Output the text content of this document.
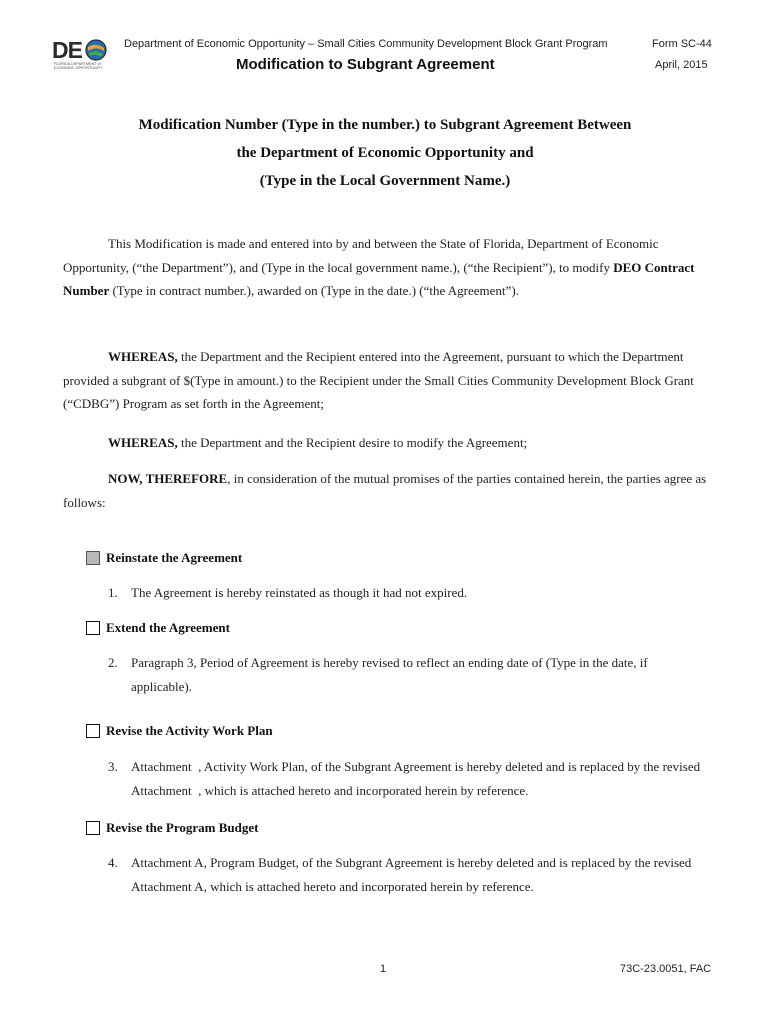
DE
FLORIDA DEPARTMENT of ECONOMIC OPPORTUNITY
Department of Economic Opportunity – Small Cities Community Development Block Grant Program	Form SC-44
Modification to Subgrant Agreement	April, 2015
Modification Number (Type in the number.) to Subgrant Agreement Between
the Department of Economic Opportunity and
(Type in the Local Government Name.)
This Modification is made and entered into by and between the State of Florida, Department of Economic Opportunity, (“the Department”), and (Type in the local government name.), (“the Recipient”), to modify DEO Contract Number (Type in contract number.), awarded on (Type in the date.) (“the Agreement”).
WHEREAS, the Department and the Recipient entered into the Agreement, pursuant to which the Department provided a subgrant of $(Type in amount.) to the Recipient under the Small Cities Community Development Block Grant (“CDBG”) Program as set forth in the Agreement;
WHEREAS, the Department and the Recipient desire to modify the Agreement;
NOW, THEREFORE, in consideration of the mutual promises of the parties contained herein, the parties agree as follows:
Reinstate the Agreement
1. The Agreement is hereby reinstated as though it had not expired.
Extend the Agreement
2. Paragraph 3, Period of Agreement is hereby revised to reflect an ending date of (Type in the date, if applicable).
Revise the Activity Work Plan
3. Attachment  , Activity Work Plan, of the Subgrant Agreement is hereby deleted and is replaced by the revised Attachment  , which is attached hereto and incorporated herein by reference.
Revise the Program Budget
4. Attachment A, Program Budget, of the Subgrant Agreement is hereby deleted and is replaced by the revised Attachment A, which is attached hereto and incorporated herein by reference.
1	73C-23.0051, FAC
